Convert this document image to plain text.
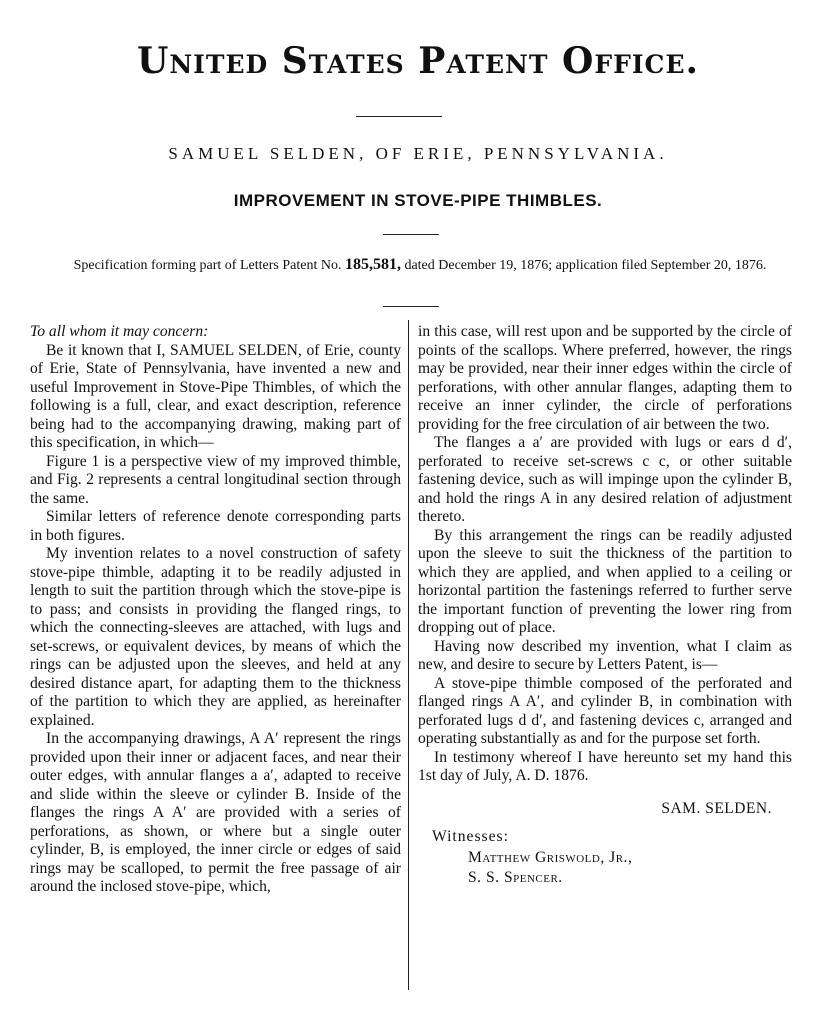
United States Patent Office.
SAMUEL SELDEN, OF ERIE, PENNSYLVANIA.
IMPROVEMENT IN STOVE-PIPE THIMBLES.
Specification forming part of Letters Patent No. 185,581, dated December 19, 1876; application filed September 20, 1876.

To all whom it may concern:

Be it known that I, SAMUEL SELDEN, of Erie, county of Erie, State of Pennsylvania, have invented a new and useful Improvement in Stove-Pipe Thimbles, of which the following is a full, clear, and exact description, reference being had to the accompanying drawing, making part of this specification, in which—

Figure 1 is a perspective view of my improved thimble, and Fig. 2 represents a central longitudinal section through the same.

Similar letters of reference denote corresponding parts in both figures.

My invention relates to a novel construction of safety stove-pipe thimble, adapting it to be readily adjusted in length to suit the partition through which the stove-pipe is to pass; and consists in providing the flanged rings, to which the connecting-sleeves are attached, with lugs and set-screws, or equivalent devices, by means of which the rings can be adjusted upon the sleeves, and held at any desired distance apart, for adapting them to the thickness of the partition to which they are applied, as hereinafter explained.

In the accompanying drawings, A A′ represent the rings provided upon their inner or adjacent faces, and near their outer edges, with annular flanges a a′, adapted to receive and slide within the sleeve or cylinder B. Inside of the flanges the rings A A′ are provided with a series of perforations, as shown, or where but a single outer cylinder, B, is employed, the inner circle or edges of said rings may be scalloped, to permit the free passage of air around the inclosed stove-pipe, which,

in this case, will rest upon and be supported by the circle of points of the scallops. Where preferred, however, the rings may be provided, near their inner edges within the circle of perforations, with other annular flanges, adapting them to receive an inner cylinder, the circle of perforations providing for the free circulation of air between the two.

The flanges a a′ are provided with lugs or ears d d′, perforated to receive set-screws c c, or other suitable fastening device, such as will impinge upon the cylinder B, and hold the rings A in any desired relation of adjustment thereto.

By this arrangement the rings can be readily adjusted upon the sleeve to suit the thickness of the partition to which they are applied, and when applied to a ceiling or horizontal partition the fastenings referred to further serve the important function of preventing the lower ring from dropping out of place.

Having now described my invention, what I claim as new, and desire to secure by Letters Patent, is—

A stove-pipe thimble composed of the perforated and flanged rings A A′, and cylinder B, in combination with perforated lugs d d′, and fastening devices c, arranged and operating substantially as and for the purpose set forth.

In testimony whereof I have hereunto set my hand this 1st day of July, A. D. 1876.

SAM. SELDEN.

Witnesses:

Matthew Griswold, Jr.,

S. S. Spencer.
